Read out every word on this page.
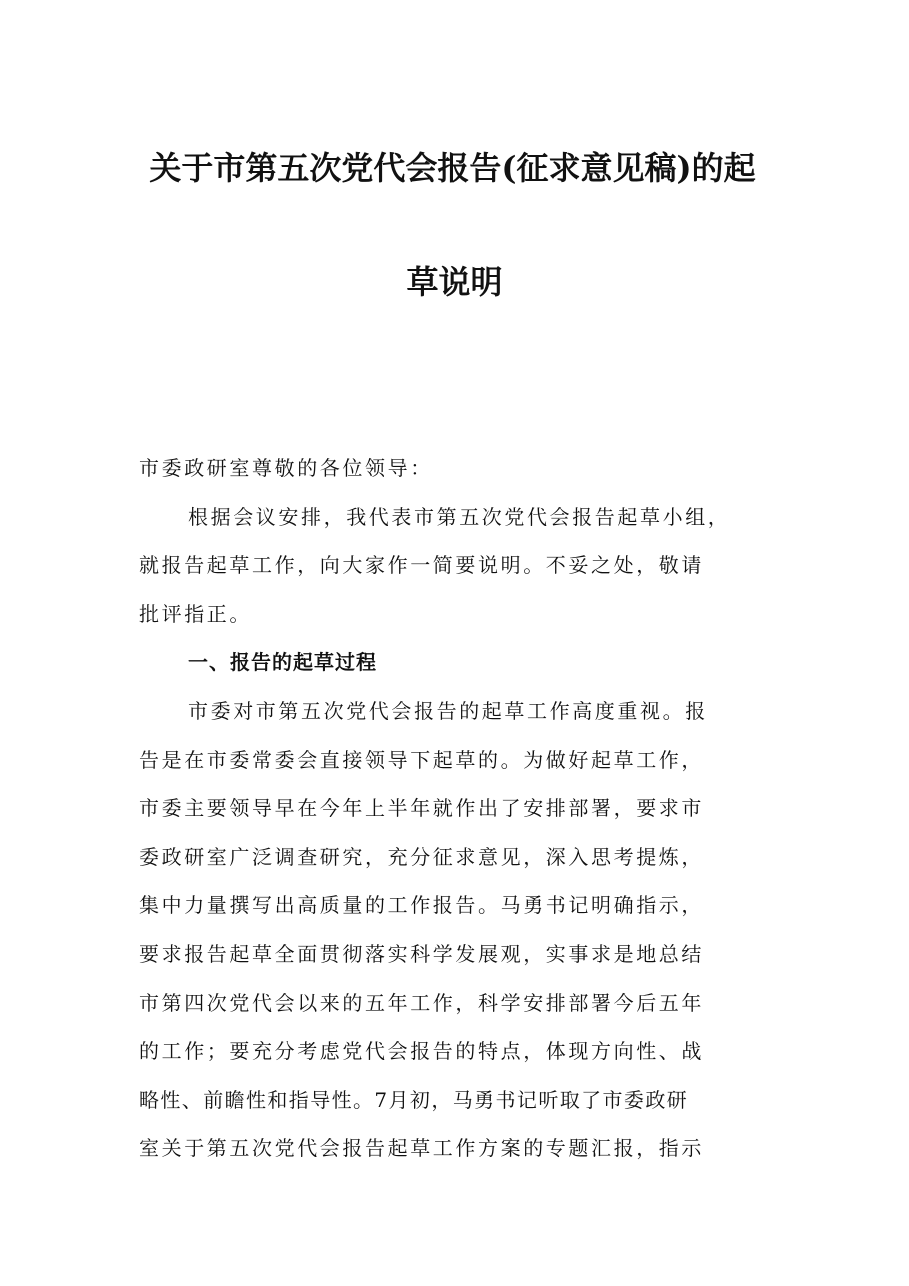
关于市第五次党代会报告(征求意见稿)的起
草说明
市委政研室尊敬的各位领导：
根据会议安排，我代表市第五次党代会报告起草小组，
就报告起草工作，向大家作一简要说明。不妥之处，敬请
批评指正。
一、报告的起草过程
市委对市第五次党代会报告的起草工作高度重视。报
告是在市委常委会直接领导下起草的。为做好起草工作，
市委主要领导早在今年上半年就作出了安排部署，要求市
委政研室广泛调查研究，充分征求意见，深入思考提炼，
集中力量撰写出高质量的工作报告。马勇书记明确指示，
要求报告起草全面贯彻落实科学发展观，实事求是地总结
市第四次党代会以来的五年工作，科学安排部署今后五年
的工作；要充分考虑党代会报告的特点，体现方向性、战
略性、前瞻性和指导性。7月初，马勇书记听取了市委政研
室关于第五次党代会报告起草工作方案的专题汇报，指示
